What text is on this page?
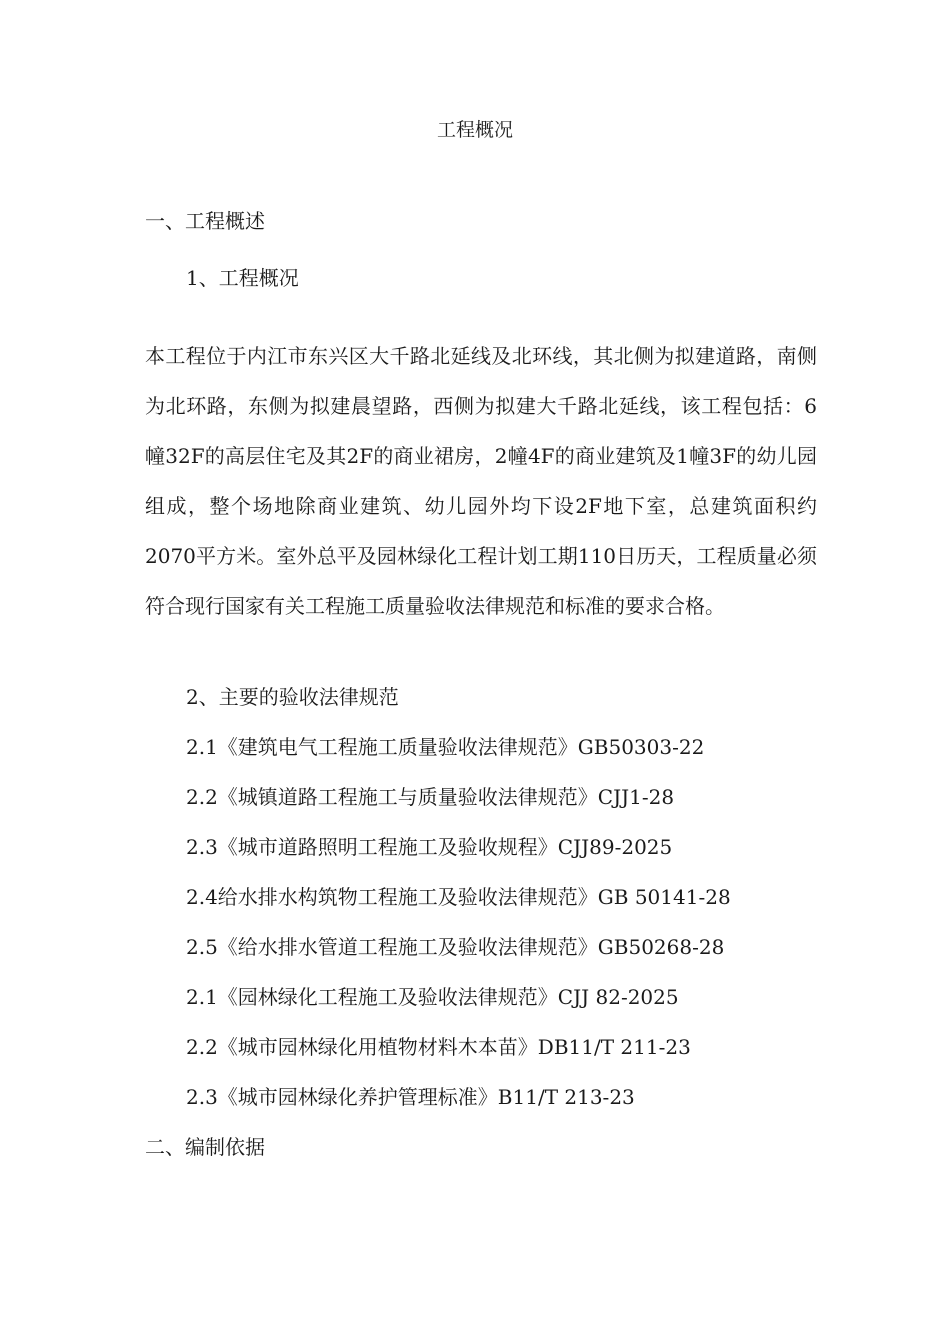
工程概况
一、工程概述
1、工程概况
本工程位于内江市东兴区大千路北延线及北环线，其北侧为拟建道路，南侧为北环路，东侧为拟建晨望路，西侧为拟建大千路北延线，该工程包括：6幢32F的高层住宅及其2F的商业裙房，2幢4F的商业建筑及1幢3F的幼儿园组成，整个场地除商业建筑、幼儿园外均下设2F地下室，总建筑面积约2070平方米。室外总平及园林绿化工程计划工期110日历天，工程质量必须符合现行国家有关工程施工质量验收法律规范和标准的要求合格。
2、主要的验收法律规范
2.1《建筑电气工程施工质量验收法律规范》GB50303-22
2.2《城镇道路工程施工与质量验收法律规范》CJJ1-28
2.3《城市道路照明工程施工及验收规程》CJJ89-2025
2.4给水排水构筑物工程施工及验收法律规范》GB 50141-28
2.5《给水排水管道工程施工及验收法律规范》GB50268-28
2.1《园林绿化工程施工及验收法律规范》CJJ 82-2025
2.2《城市园林绿化用植物材料木本苗》DB11/T 211-23
2.3《城市园林绿化养护管理标准》B11/T 213-23
二、编制依据
